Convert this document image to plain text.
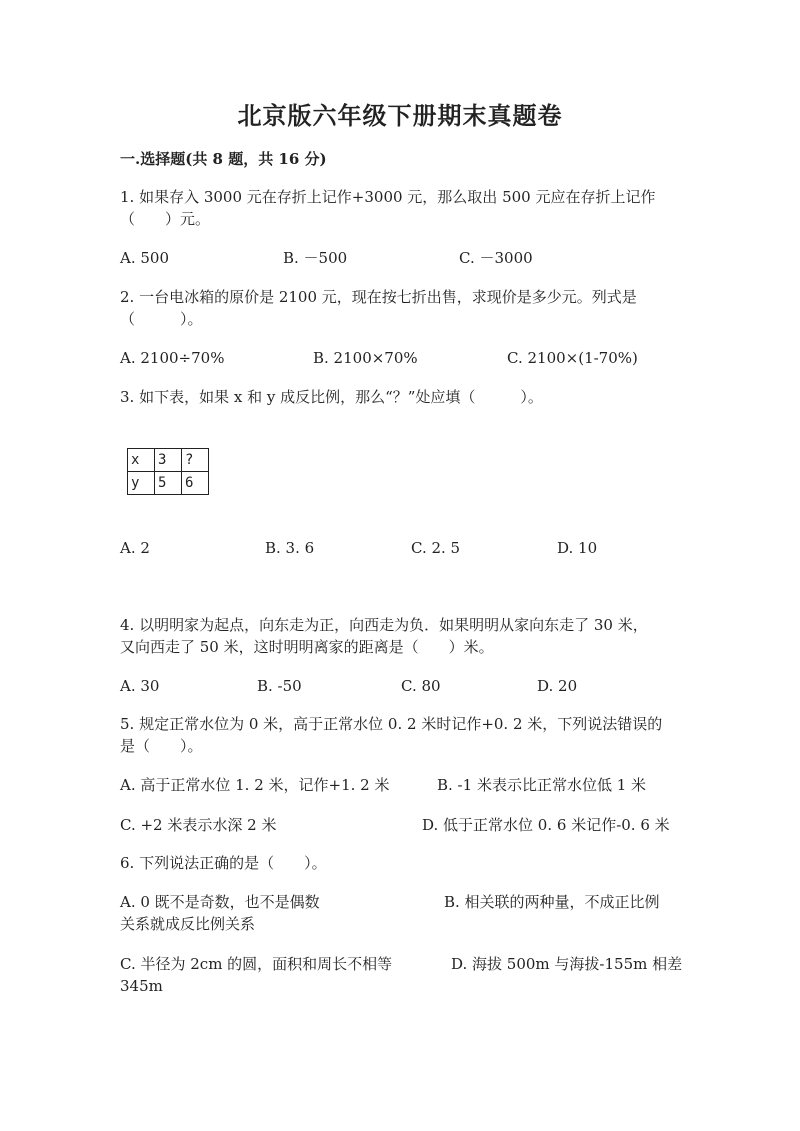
北京版六年级下册期末真题卷
一.选择题(共 8 题，共 16 分)
1. 如果存入 3000 元在存折上记作+3000 元，那么取出 500 元应在存折上记作
（　　）元。
A. 500	B. －500	C. －3000
2. 一台电冰箱的原价是 2100 元，现在按七折出售，求现价是多少元。列式是
（　　　）。
A. 2100÷70%	B. 2100×70%	C. 2100×(1-70%)
3. 如下表，如果 x 和 y 成反比例，那么“？”处应填（　　　）。
x	3	?
y	5	6
A. 2	B. 3. 6	C. 2. 5	D. 10
4. 以明明家为起点，向东走为正，向西走为负．如果明明从家向东走了 30 米，
又向西走了 50 米，这时明明离家的距离是（　　）米。
A. 30	B. -50	C. 80	D. 20
5. 规定正常水位为 0 米，高于正常水位 0. 2 米时记作+0. 2 米，下列说法错误的
是（　　）。
A. 高于正常水位 1. 2 米，记作+1. 2 米	B. -1 米表示比正常水位低 1 米
C. +2 米表示水深 2 米	D. 低于正常水位 0. 6 米记作-0. 6 米
6. 下列说法正确的是（　　）。
A. 0 既不是奇数，也不是偶数	B. 相关联的两种量，不成正比例
关系就成反比例关系
C. 半径为 2cm 的圆，面积和周长不相等	D. 海拔 500m 与海拔-155m 相差
345m
